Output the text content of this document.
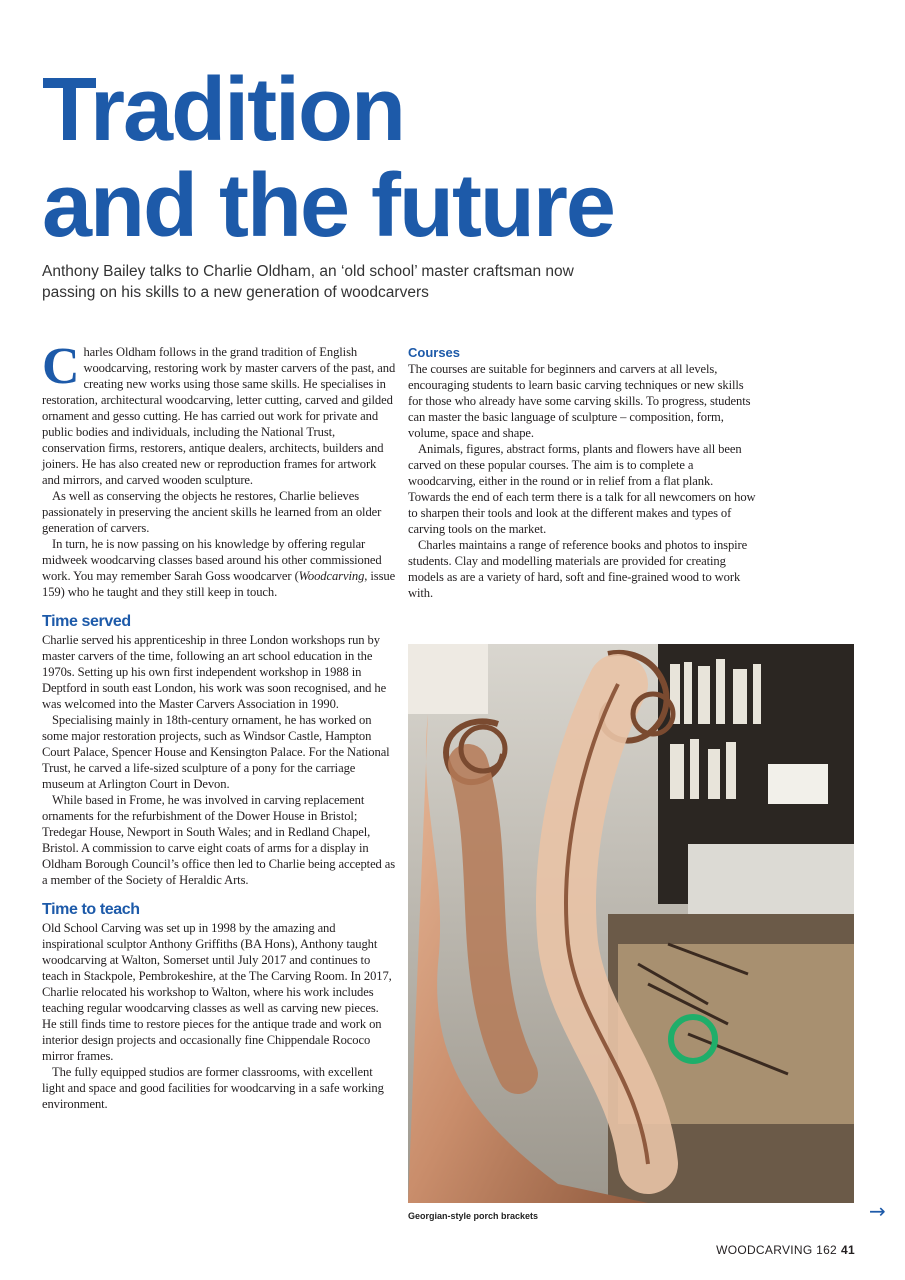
Tradition
and the future

Anthony Bailey talks to Charlie Oldham, an ‘old school’ master craftsman now passing on his skills to a new generation of woodcarvers

Charles Oldham follows in the grand tradition of English woodcarving, restoring work by master carvers of the past, and creating new works using those same skills. He specialises in restoration, architectural woodcarving, letter cutting, carved and gilded ornament and gesso cutting. He has carried out work for private and public bodies and individuals, including the National Trust, conservation firms, restorers, antique dealers, architects, builders and joiners. He has also created new or reproduction frames for artwork and mirrors, and carved wooden sculpture.

As well as conserving the objects he restores, Charlie believes passionately in preserving the ancient skills he learned from an older generation of carvers.

In turn, he is now passing on his knowledge by offering regular midweek woodcarving classes based around his other commissioned work. You may remember Sarah Goss woodcarver (Woodcarving, issue 159) who he taught and they still keep in touch.

Time served

Charlie served his apprenticeship in three London workshops run by master carvers of the time, following an art school education in the 1970s. Setting up his own first independent workshop in 1988 in Deptford in south east London, his work was soon recognised, and he was welcomed into the Master Carvers Association in 1990.

Specialising mainly in 18th-century ornament, he has worked on some major restoration projects, such as Windsor Castle, Hampton Court Palace, Spencer House and Kensington Palace. For the National Trust, he carved a life-sized sculpture of a pony for the carriage museum at Arlington Court in Devon.

While based in Frome, he was involved in carving replacement ornaments for the refurbishment of the Dower House in Bristol; Tredegar House, Newport in South Wales; and in Redland Chapel, Bristol. A commission to carve eight coats of arms for a display in Oldham Borough Council’s office then led to Charlie being accepted as a member of the Society of Heraldic Arts.

Time to teach

Old School Carving was set up in 1998 by the amazing and inspirational sculptor Anthony Griffiths (BA Hons), Anthony taught woodcarving at Walton, Somerset until July 2017 and continues to teach in Stackpole, Pembrokeshire, at the The Carving Room. In 2017, Charlie relocated his workshop to Walton, where his work includes teaching regular woodcarving classes as well as carving new pieces. He still finds time to restore pieces for the antique trade and work on interior design projects and occasionally fine Chippendale Rococo mirror frames.

The fully equipped studios are former classrooms, with excellent light and space and good facilities for woodcarving in a safe working environment.

Courses

The courses are suitable for beginners and carvers at all levels, encouraging students to learn basic carving techniques or new skills for those who already have some carving skills. To progress, students can master the basic language of sculpture – composition, form, volume, space and shape.

Animals, figures, abstract forms, plants and flowers have all been carved on these popular courses. The aim is to complete a woodcarving, either in the round or in relief from a flat plank. Towards the end of each term there is a talk for all newcomers on how to sharpen their tools and look at the different makes and types of carving tools on the market.

Charles maintains a range of reference books and photos to inspire students. Clay and modelling materials are provided for creating models as are a variety of hard, soft and fine-grained wood to work with.

Georgian-style porch brackets	→
WOODCARVING 162 41
